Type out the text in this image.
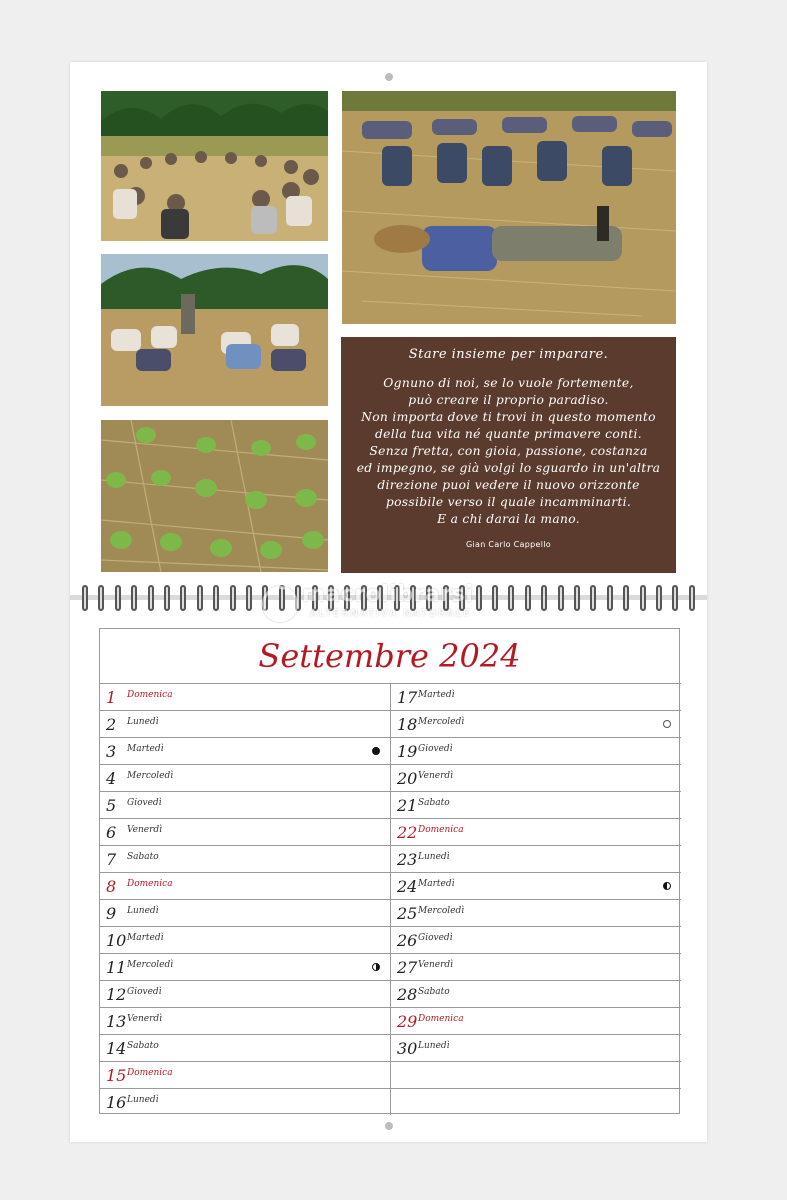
Stare insieme per imparare.
Ognuno di noi, se lo vuole fortemente,
può creare il proprio paradiso.
Non importa dove ti trovi in questo momento
della tua vita né quante primavere conti.
Senza fretta, con gioia, passione, costanza
ed impegno, se già volgi lo sguardo in un'altra
direzione puoi vedere il nuovo orizzonte
possibile verso il quale incamminarti.
E a chi darai la mano.
Gian Carlo Cappello
macrolibrarsi
ALTERNATIVA NATURALE
Settembre 2024
1 Domenica
2 Lunedì
3 Martedì
4 Mercoledì
5 Giovedì
6 Venerdì
7 Sabato
8 Domenica
9 Lunedì
10 Martedì
11 Mercoledì
12 Giovedì
13 Venerdì
14 Sabato
15 Domenica
16 Lunedì
17 Martedì
18 Mercoledì
19 Giovedì
20 Venerdì
21 Sabato
22 Domenica
23 Lunedì
24 Martedì
25 Mercoledì
26 Giovedì
27 Venerdì
28 Sabato
29 Domenica
30 Lunedì
